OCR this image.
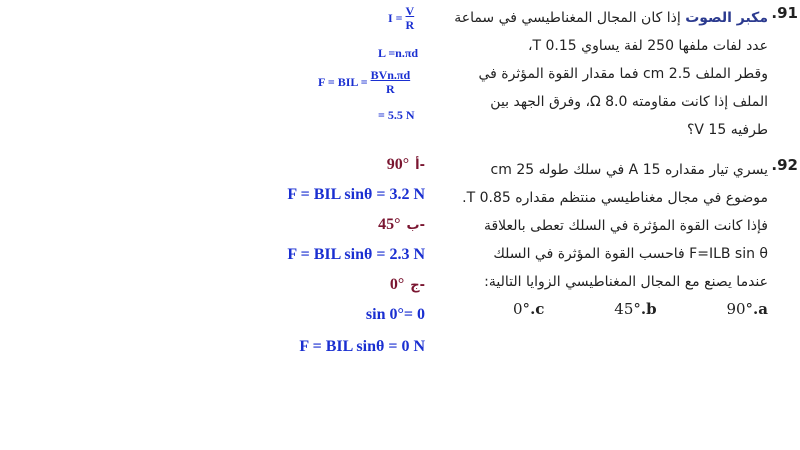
.91
مكبر الصوت إذا كان المجال المغناطيسي في سماعة
عدد لفات ملفها 250 لفة يساوي 0.15 T،
وقطر الملف 2.5 cm فما مقدار القوة المؤثرة في
الملف إذا كانت مقاومته 8.0 Ω، وفرق الجهد بين
طرفيه 15 V؟
.92
يسري تيار مقداره 15 A في سلك طوله 25 cm
موضوع في مجال مغناطيسي منتظم مقداره 0.85 T.
فإذا كانت القوة المؤثرة في السلك تعطى بالعلاقة
F=ILB sin θ فاحسب القوة المؤثرة في السلك
عندما يصنع مع المجال المغناطيسي الزوايا التالية:
90°.a
45°.b
0°.c
$I = \frac{V}{R}$
L =n.πd
F = BIL = $\frac{\text{BVn.πd}}{R}$
= 5.5 N
90° أ-
F = BIL sinθ = 3.2 N
45° ب-
F = BIL sinθ = 2.3 N
0° ج-
sin 0°= 0
F = BIL sinθ = 0 N
